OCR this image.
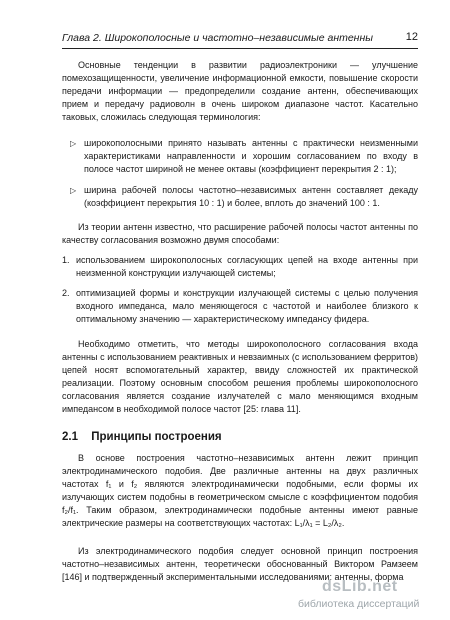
Глава 2. Широкополосные и частотно–независимые антенны	12

Основные тенденции в развитии радиоэлектроники — улучшение помехозащищенности, увеличение информационной емкости, повышение скорости передачи информации — предопределили создание антенн, обеспечивающих прием и передачу радиоволн в очень широком диапазоне частот. Касательно таковых, сложилась следующая терминология:

▷ широкополосными принято называть антенны с практически неизменными характеристиками направленности и хорошим согласованием по входу в полосе частот шириной не менее октавы (коэффициент перекрытия 2 : 1);
▷ ширина рабочей полосы частотно–независимых антенн составляет декаду (коэффициент перекрытия 10 : 1) и более, вплоть до значений 100 : 1.

Из теории антенн известно, что расширение рабочей полосы частот антенны по качеству согласования возможно двумя способами:

1. использованием широкополосных согласующих цепей на входе антенны при неизменной конструкции излучающей системы;
2. оптимизацией формы и конструкции излучающей системы с целью получения входного импеданса, мало меняющегося с частотой и наиболее близкого к оптимальному значению — характеристическому импедансу фидера.

Необходимо отметить, что методы широкополосного согласования входа антенны с использованием реактивных и невзаимных (с использованием ферритов) цепей носят вспомогательный характер, ввиду сложностей их практической реализации. Поэтому основным способом решения проблемы широкополосного согласования является создание излучателей с мало меняющимся входным импедансом в необходимой полосе частот [25: глава 11].

2.1 Принципы построения

В основе построения частотно–независимых антенн лежит принцип электродинамического подобия. Две различные антенны на двух различных частотах f₁ и f₂ являются электродинамически подобными, если формы их излучающих систем подобны в геометрическом смысле с коэффициентом подобия f₂/f₁. Таким образом, электродинамически подобные антенны имеют равные электрические размеры на соответствующих частотах: L₁/λ₁ = L₂/λ₂.

Из электродинамического подобия следует основной принцип построения частотно–независимых антенн, теоретически обоснованный Виктором Рамзеем [146] и подтвержденный экспериментальными исследованиями: антенны, форма

dsLib.net
библиотека диссертаций
